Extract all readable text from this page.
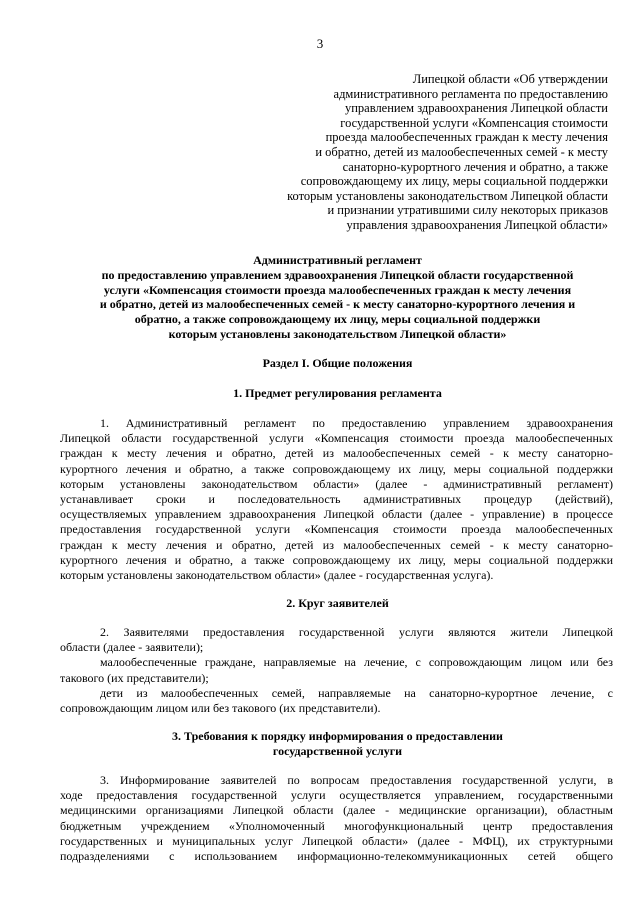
3
Липецкой области «Об утверждении
административного регламента по предоставлению
управлением здравоохранения Липецкой области
государственной услуги «Компенсация стоимости
проезда малообеспеченных граждан к месту лечения
и обратно, детей из малообеспеченных семей - к месту
санаторно-курортного лечения и обратно, а также
сопровождающему их лицу, меры социальной поддержки
которым установлены законодательством Липецкой области
и признании утратившими силу некоторых приказов
управления здравоохранения Липецкой области»
Административный регламент
по предоставлению управлением здравоохранения Липецкой области государственной
услуги «Компенсация стоимости проезда малообеспеченных граждан к месту лечения
и обратно, детей из малообеспеченных семей - к месту санаторно-курортного лечения и
обратно, а также сопровождающему их лицу, меры социальной поддержки
которым установлены законодательством Липецкой области»
Раздел I. Общие положения
1. Предмет регулирования регламента
1. Административный регламент по предоставлению управлением здравоохранения
Липецкой области государственной услуги «Компенсация стоимости проезда малообеспеченных
граждан к месту лечения и обратно, детей из малообеспеченных семей - к месту санаторно-
курортного лечения и обратно, а также сопровождающему их лицу, меры социальной поддержки
которым установлены законодательством области» (далее - административный регламент)
устанавливает сроки и последовательность административных процедур (действий),
осуществляемых управлением здравоохранения Липецкой области (далее - управление) в процессе
предоставления государственной услуги «Компенсация стоимости проезда малообеспеченных
граждан к месту лечения и обратно, детей из малообеспеченных семей - к месту санаторно-
курортного лечения и обратно, а также сопровождающему их лицу, меры социальной поддержки
которым установлены законодательством области» (далее - государственная услуга).
2. Круг заявителей
2. Заявителями предоставления государственной услуги являются жители Липецкой
области (далее - заявители);
малообеспеченные граждане, направляемые на лечение, с сопровождающим лицом или без
такового (их представители);
дети из малообеспеченных семей, направляемые на санаторно-курортное лечение, с
сопровождающим лицом или без такового (их представители).
3. Требования к порядку информирования о предоставлении
государственной услуги
3. Информирование заявителей по вопросам предоставления государственной услуги, в
ходе предоставления государственной услуги осуществляется управлением, государственными
медицинскими организациями Липецкой области (далее - медицинские организации), областным
бюджетным учреждением «Уполномоченный многофункциональный центр предоставления
государственных и муниципальных услуг Липецкой области» (далее - МФЦ), их структурными
подразделениями с использованием информационно-телекоммуникационных сетей общего
